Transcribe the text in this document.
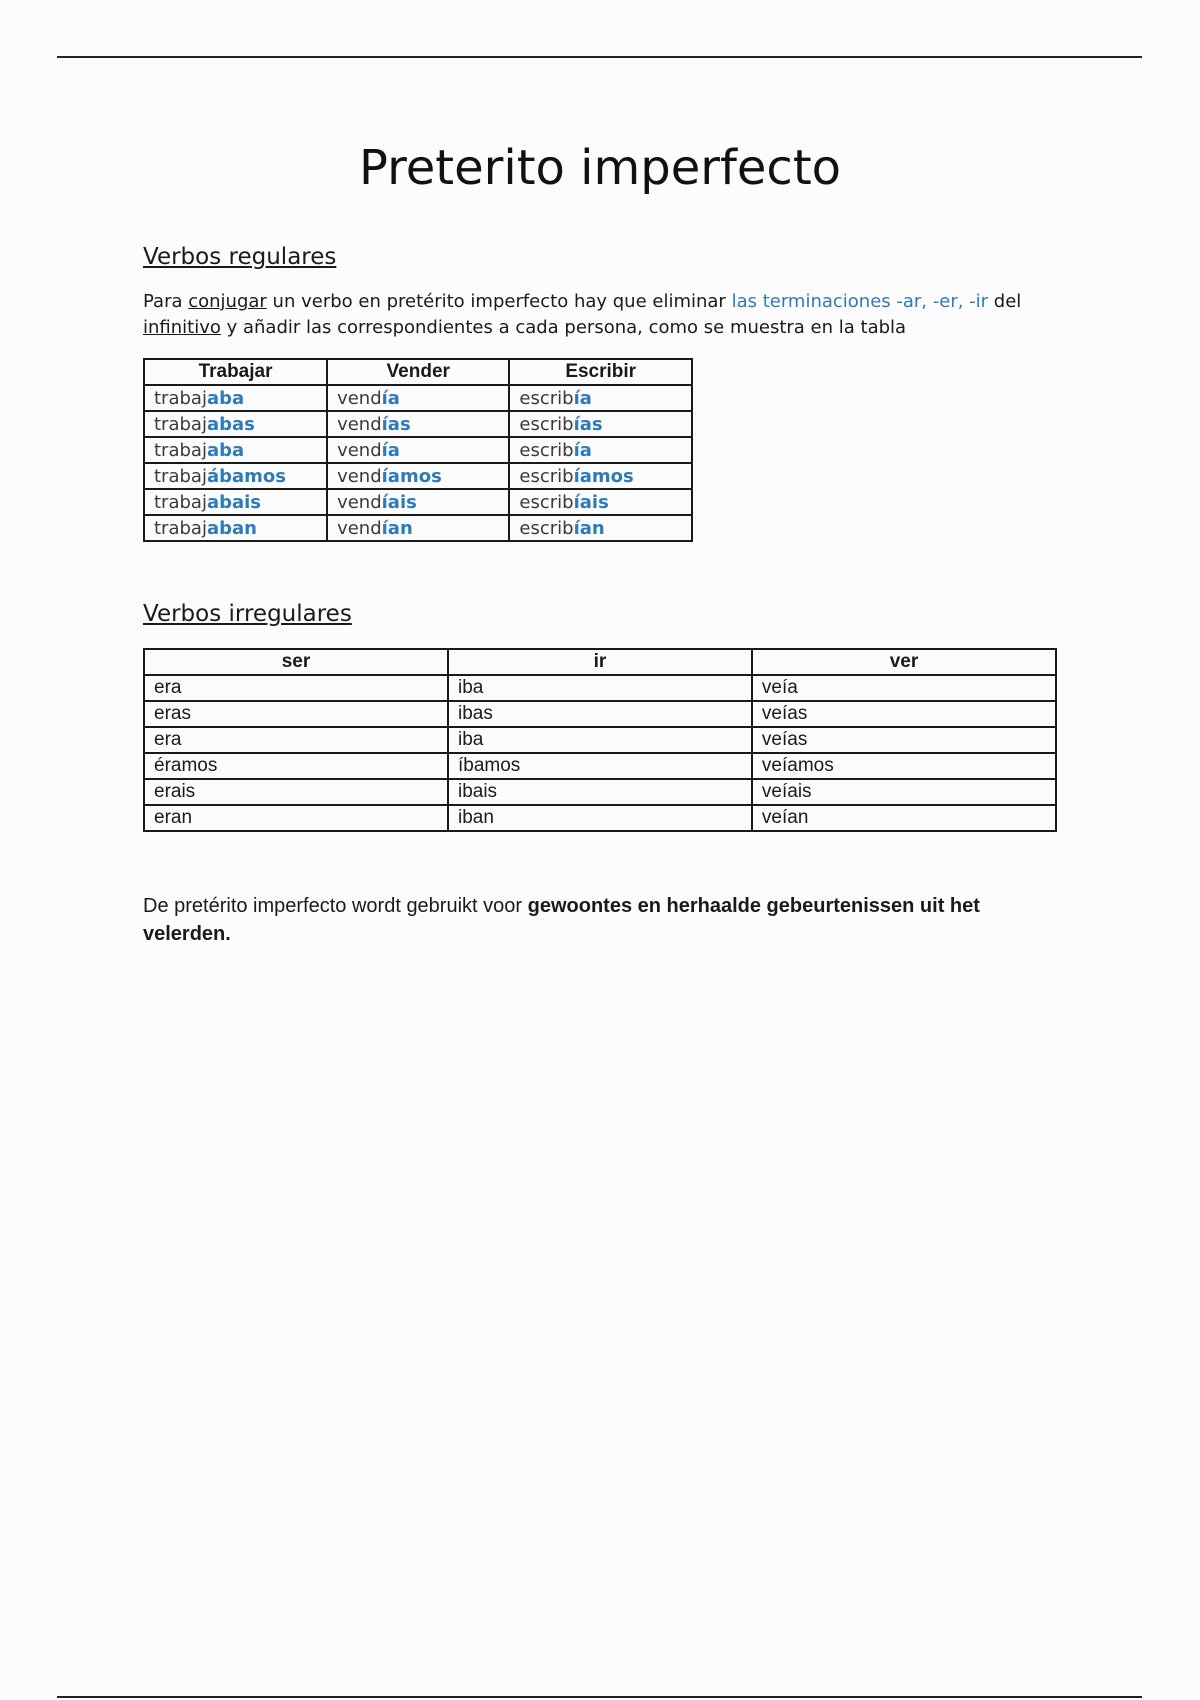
Preterito imperfecto
Verbos regulares

Para conjugar un verbo en pretérito imperfecto hay que eliminar las terminaciones -ar, -er, -ir del infinitivo y añadir las correspondientes a cada persona, como se muestra en la tabla

Trabajar	Vender	Escribir
trabajaba	vendía	escribía
trabajabas	vendías	escribías
trabajaba	vendía	escribía
trabajábamos	vendíamos	escribíamos
trabajabais	vendíais	escribíais
trabajaban	vendían	escribían
Verbos irregulares
ser	ir	ver
era	iba	veía
eras	ibas	veías
era	iba	veías
éramos	íbamos	veíamos
erais	ibais	veíais
eran	iban	veían

De pretérito imperfecto wordt gebruikt voor gewoontes en herhaalde gebeurtenissen uit het velerden.
